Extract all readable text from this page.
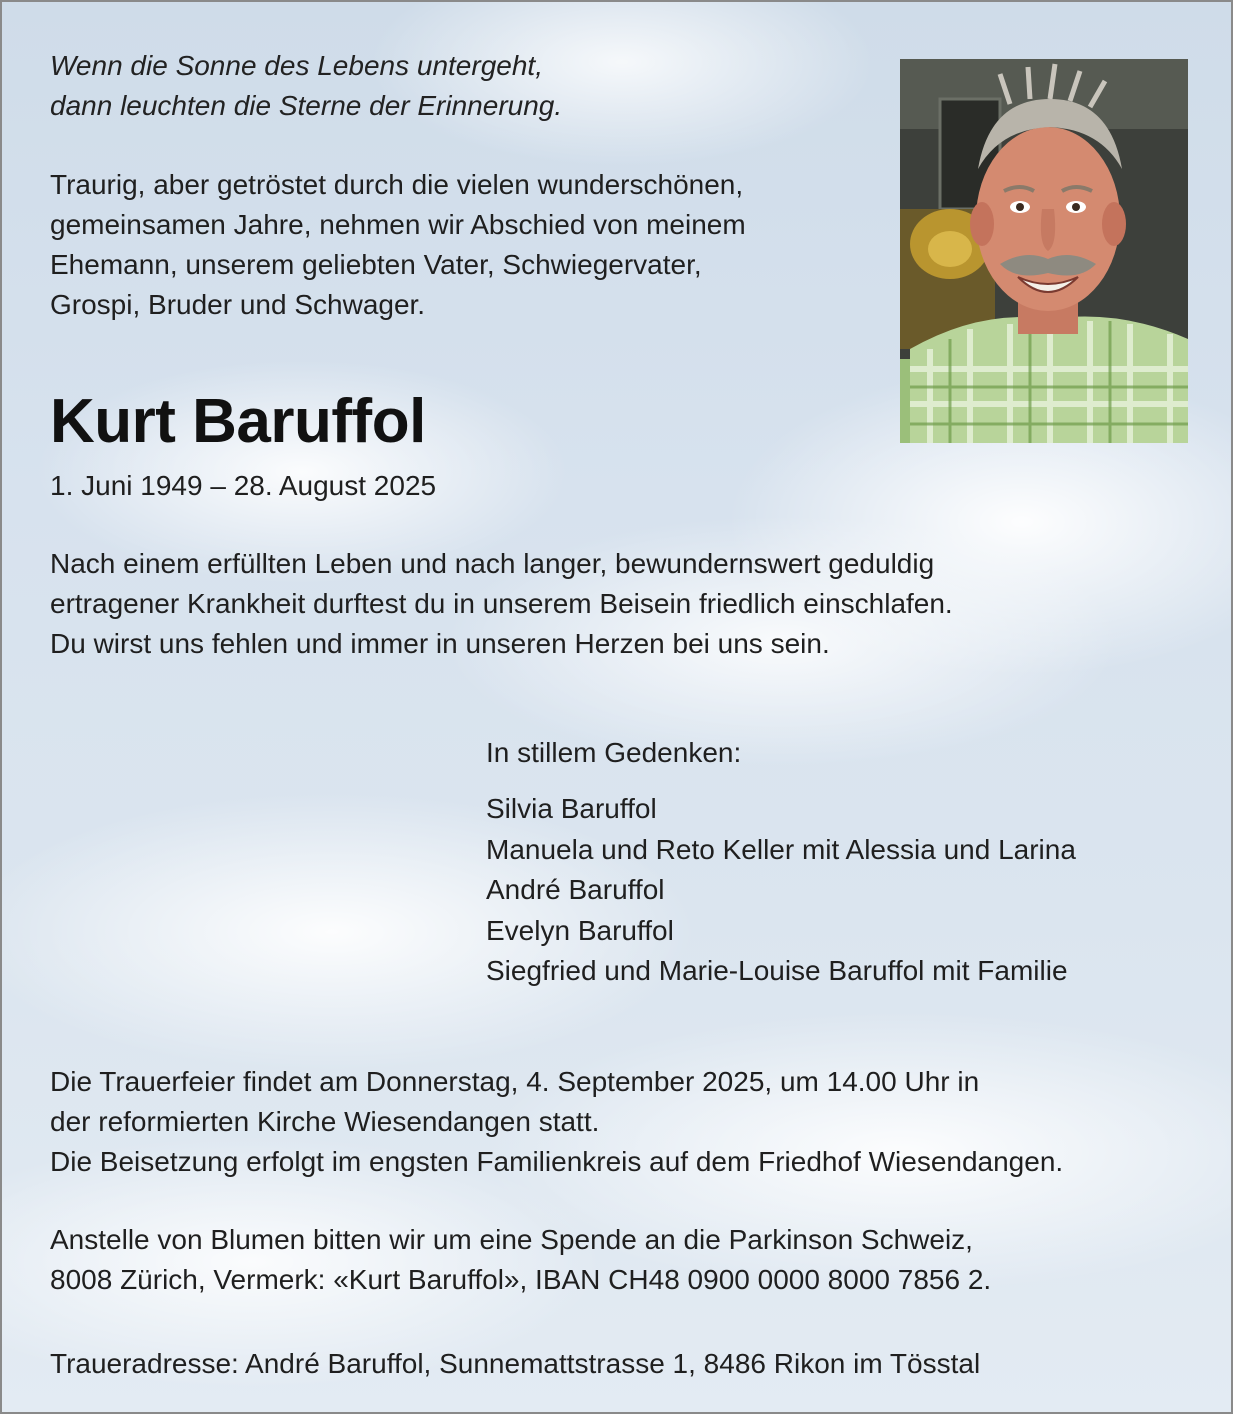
Wenn die Sonne des Lebens untergeht,
dann leuchten die Sterne der Erinnerung.

Traurig, aber getröstet durch die vielen wunderschönen,
gemeinsamen Jahre, nehmen wir Abschied von meinem
Ehemann, unserem geliebten Vater, Schwiegervater,
Grospi, Bruder und Schwager.

Kurt Baruffol

1. Juni 1949 – 28. August 2025

Nach einem erfüllten Leben und nach langer, bewundernswert geduldig
ertragener Krankheit durftest du in unserem Beisein friedlich einschlafen.
Du wirst uns fehlen und immer in unseren Herzen bei uns sein.

In stillem Gedenken:

Silvia Baruffol
Manuela und Reto Keller mit Alessia und Larina
André Baruffol
Evelyn Baruffol
Siegfried und Marie-Louise Baruffol mit Familie

Die Trauerfeier findet am Donnerstag, 4. September 2025, um 14.00 Uhr in
der reformierten Kirche Wiesendangen statt.
Die Beisetzung erfolgt im engsten Familienkreis auf dem Friedhof Wiesendangen.

Anstelle von Blumen bitten wir um eine Spende an die Parkinson Schweiz,
8008 Zürich, Vermerk: «Kurt Baruffol», IBAN CH48 0900 0000 8000 7856 2.

Traueradresse: André Baruffol, Sunnemattstrasse 1, 8486 Rikon im Tösstal
